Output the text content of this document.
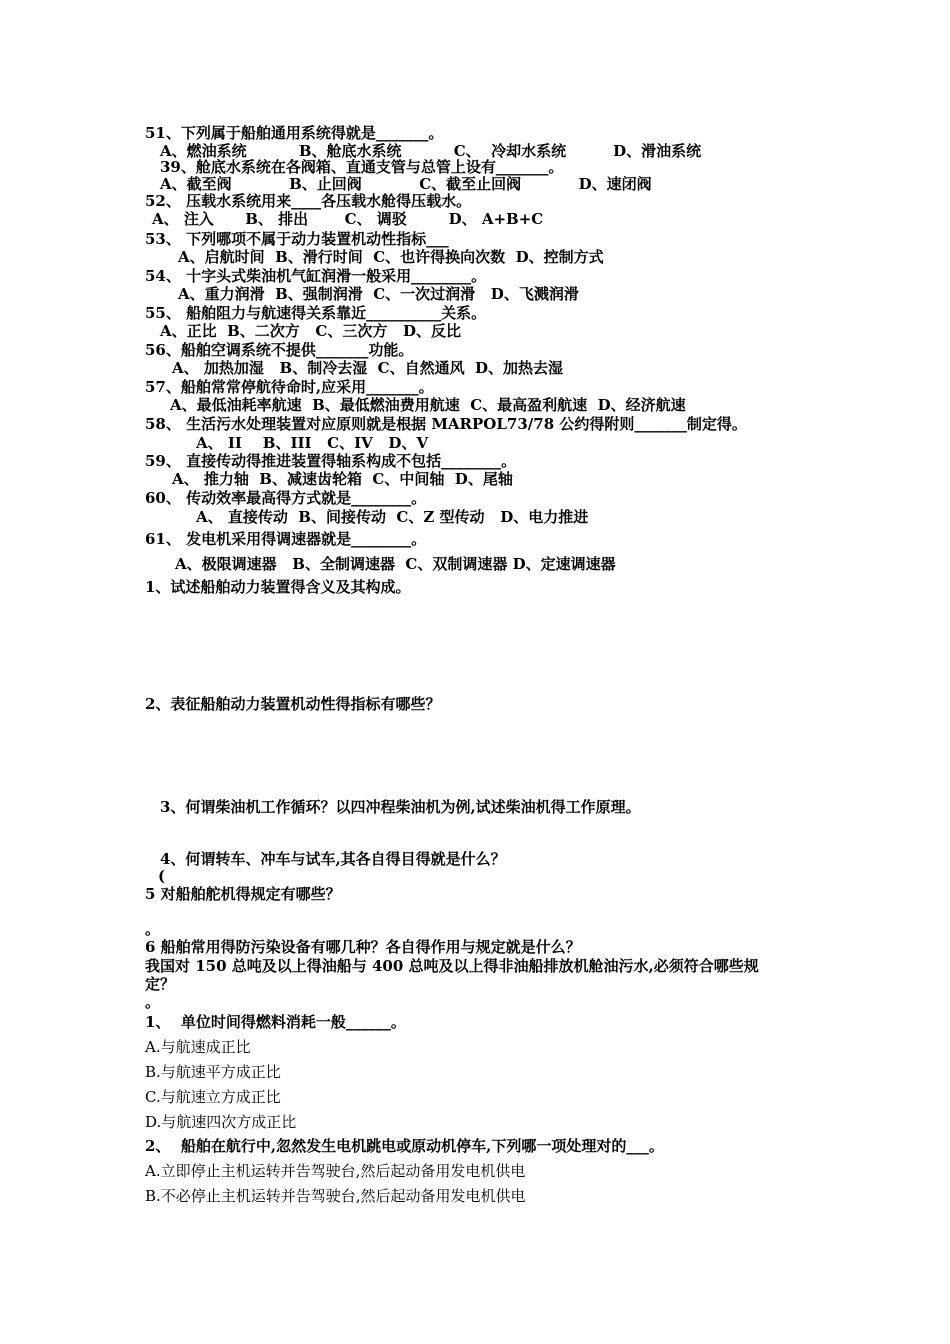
51、下列属于船舶通用系统得就是_______。
A、燃油系统          B、舱底水系统          C、  冷却水系统         D、滑油系统
39、舱底水系统在各阀箱、直通支管与总管上设有_______。
A、截至阀           B、止回阀           C、截至止回阀           D、速闭阀
52、 压载水系统用来____各压载水舱得压载水。
A、 注入      B、 排出       C、 调驳        D、 A+B+C
53、 下列哪项不属于动力装置机动性指标___
A、启航时间  B、滑行时间  C、也许得换向次数  D、控制方式
54、 十字头式柴油机气缸润滑一般采用________。
A、重力润滑  B、强制润滑  C、一次过润滑   D、飞溅润滑
55、 船舶阻力与航速得关系靠近__________关系。
A、正比  B、二次方   C、三次方   D、反比
56、船舶空调系统不提供_______功能。
A、 加热加湿   B、制冷去湿  C、自然通风  D、加热去湿
57、船舶常常停航待命时,应采用_______。
A、最低油耗率航速  B、最低燃油费用航速  C、最高盈利航速  D、经济航速
58、 生活污水处理装置对应原则就是根据 MARPOL73/78 公约得附则_______制定得。
A、 II    B、III   C、IV   D、V
59、 直接传动得推进装置得轴系构成不包括________。
A、 推力轴  B、减速齿轮箱  C、中间轴  D、尾轴
60、 传动效率最高得方式就是________。
A、 直接传动  B、间接传动  C、Z 型传动   D、电力推进
61、 发电机采用得调速器就是________。
A、极限调速器   B、全制调速器  C、双制调速器 D、定速调速器
1、试述船舶动力装置得含义及其构成。
2、表征船舶动力装置机动性得指标有哪些？
3、何谓柴油机工作循环？以四冲程柴油机为例,试述柴油机得工作原理。
4、何谓转车、冲车与试车,其各自得目得就是什么？
(
5 对船舶舵机得规定有哪些？
。
6 船舶常用得防污染设备有哪几种？各自得作用与规定就是什么？
我国对 150 总吨及以上得油船与 400 总吨及以上得非油船排放机舱油污水,必须符合哪些规
定？
。
1、  单位时间得燃料消耗一般______。
A.与航速成正比
B.与航速平方成正比
C.与航速立方成正比
D.与航速四次方成正比
2、  船舶在航行中,忽然发生电机跳电或原动机停车,下列哪一项处理对的___。
A.立即停止主机运转并告驾驶台,然后起动备用发电机供电
B.不必停止主机运转并告驾驶台,然后起动备用发电机供电
